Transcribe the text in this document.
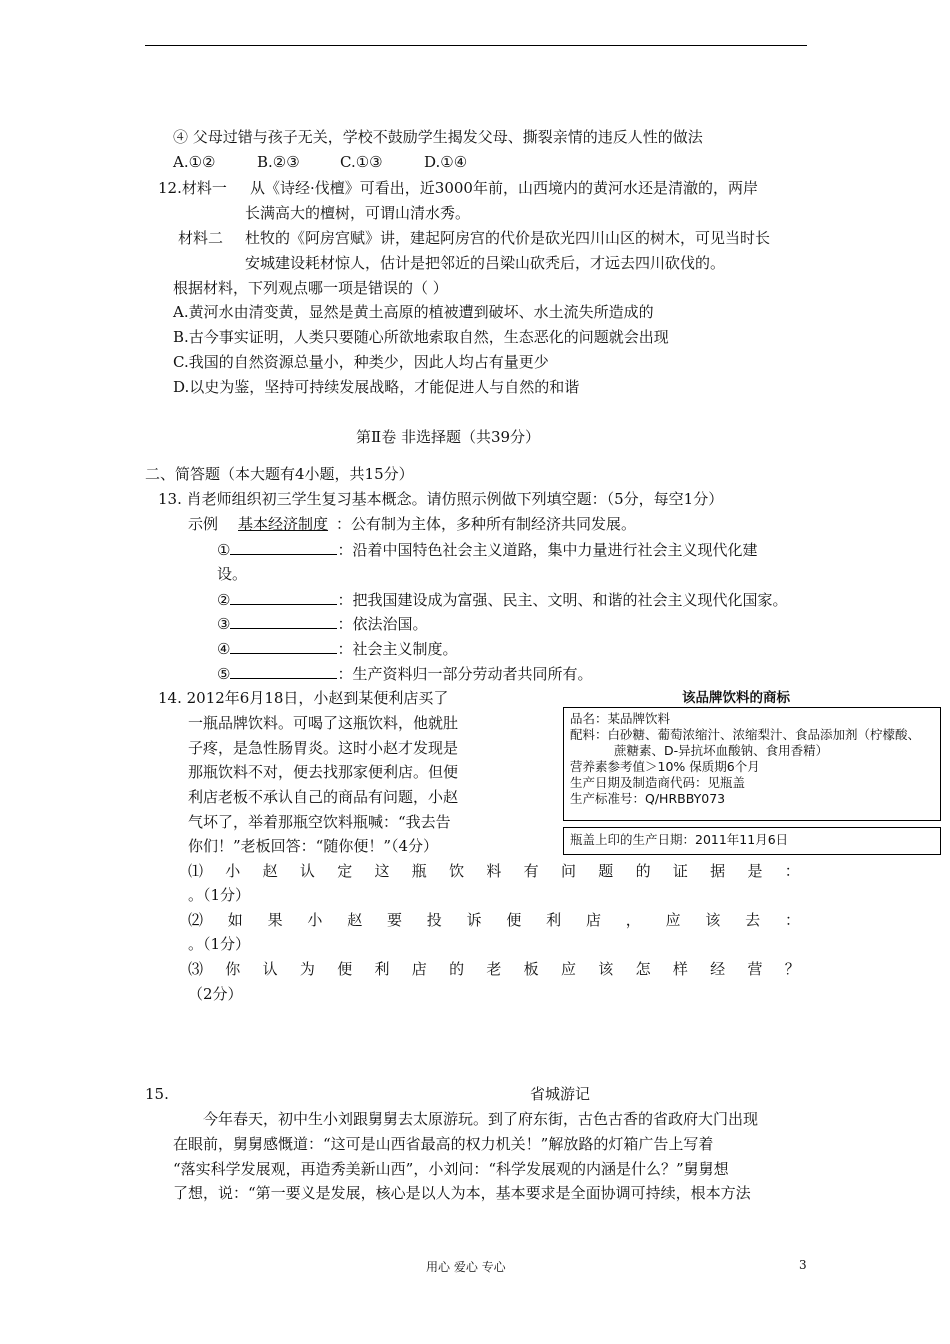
④ 父母过错与孩子无关，学校不鼓励学生揭发父母、撕裂亲情的违反人性的做法
A.①②	B.②③	C.①③	D.①④
12.材料一 从《诗经·伐檀》可看出，近3000年前，山西境内的黄河水还是清澈的，两岸
长满高大的檀树，可谓山清水秀。
材料二 杜牧的《阿房宫赋》讲，建起阿房宫的代价是砍光四川山区的树木，可见当时长
安城建设耗材惊人，估计是把邻近的吕梁山砍秃后，才远去四川砍伐的。
根据材料，下列观点哪一项是错误的（ ）
A.黄河水由清变黄，显然是黄土高原的植被遭到破坏、水土流失所造成的
B.古今事实证明，人类只要随心所欲地索取自然，生态恶化的问题就会出现
C.我国的自然资源总量小，种类少，因此人均占有量更少
D.以史为鉴，坚持可持续发展战略，才能促进人与自然的和谐
第Ⅱ卷 非选择题（共39分）
二、简答题（本大题有4小题，共15分）
13. 肖老师组织初三学生复习基本概念。请仿照示例做下列填空题：（5分，每空1分）
示例 基本经济制度 ：公有制为主体，多种所有制经济共同发展。
①	：沿着中国特色社会主义道路，集中力量进行社会主义现代化建
设。
②	：把我国建设成为富强、民主、文明、和谐的社会主义现代化国家。
③	：依法治国。
④	：社会主义制度。
⑤	：生产资料归一部分劳动者共同所有。
14. 2012年6月18日，小赵到某便利店买了
一瓶品牌饮料。可喝了这瓶饮料，他就肚
子疼，是急性肠胃炎。这时小赵才发现是
那瓶饮料不对，便去找那家便利店。但便
利店老板不承认自己的商品有问题，小赵
气坏了，举着那瓶空饮料瓶喊：“我去告
你们！”老板回答：“随你便！”（4分）
该品牌饮料的商标
品名：某品牌饮料
配料：白砂糖、葡萄浓缩汁、浓缩梨汁、食品添加剂（柠檬酸、
蔗糖素、D-异抗坏血酸钠、食用香精）
营养素参考值＞10% 保质期6个月
生产日期及制造商代码：见瓶盖
生产标准号：Q/HRBBY073
瓶盖上印的生产日期：2011年11月6日
⑴ 小 赵 认 定 这 瓶 饮 料 有 问 题 的 证 据 是 ：
。（1分）
⑵ 如 果 小 赵 要 投 诉 便 利 店 ， 应 该 去 ：
。（1分）
⑶ 你 认 为 便 利 店 的 老 板 应 该 怎 样 经 营 ？
（2分）
15.	省城游记
今年春天，初中生小刘跟舅舅去太原游玩。到了府东街，古色古香的省政府大门出现
在眼前，舅舅感慨道：“这可是山西省最高的权力机关！”解放路的灯箱广告上写着
“落实科学发展观，再造秀美新山西”，小刘问：“科学发展观的内涵是什么？”舅舅想
了想，说：“第一要义是发展，核心是以人为本，基本要求是全面协调可持续，根本方法
用心 爱心 专心	3
